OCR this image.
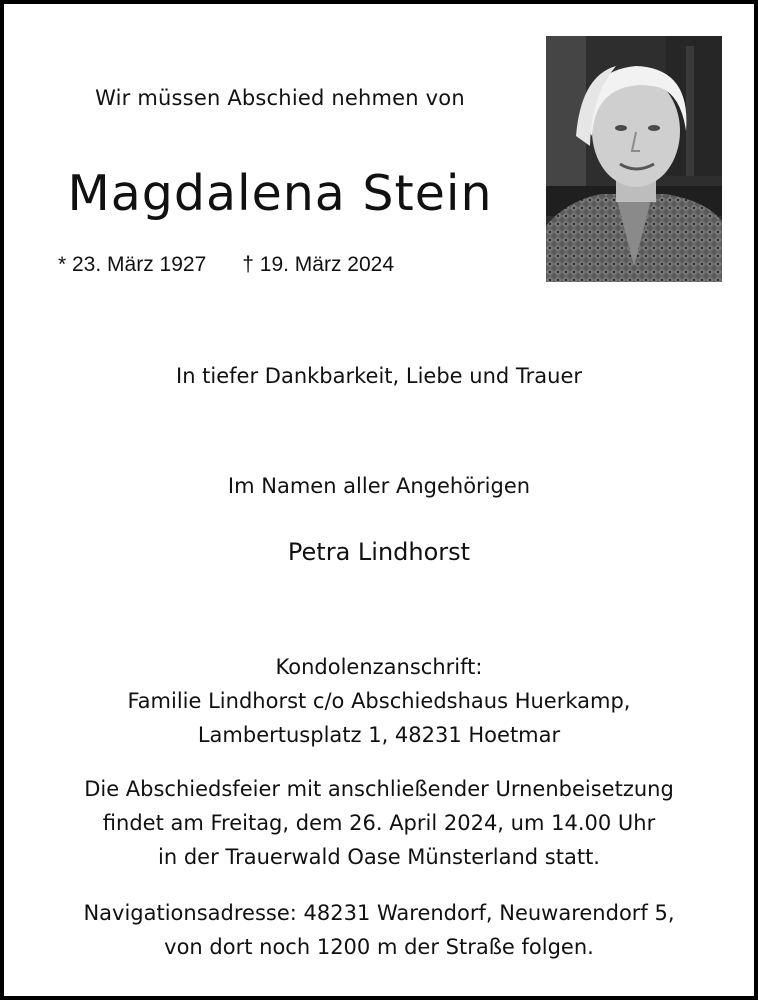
Wir müssen Abschied nehmen von
Magdalena Stein
* 23. März 1927 † 19. März 2024
In tiefer Dankbarkeit, Liebe und Trauer
Im Namen aller Angehörigen
Petra Lindhorst
Kondolenzanschrift:
Familie Lindhorst c/o Abschiedshaus Huerkamp,
Lambertusplatz 1, 48231 Hoetmar
Die Abschiedsfeier mit anschließender Urnenbeisetzung
findet am Freitag, dem 26. April 2024, um 14.00 Uhr
in der Trauerwald Oase Münsterland statt.
Navigationsadresse: 48231 Warendorf, Neuwarendorf 5,
von dort noch 1200 m der Straße folgen.
